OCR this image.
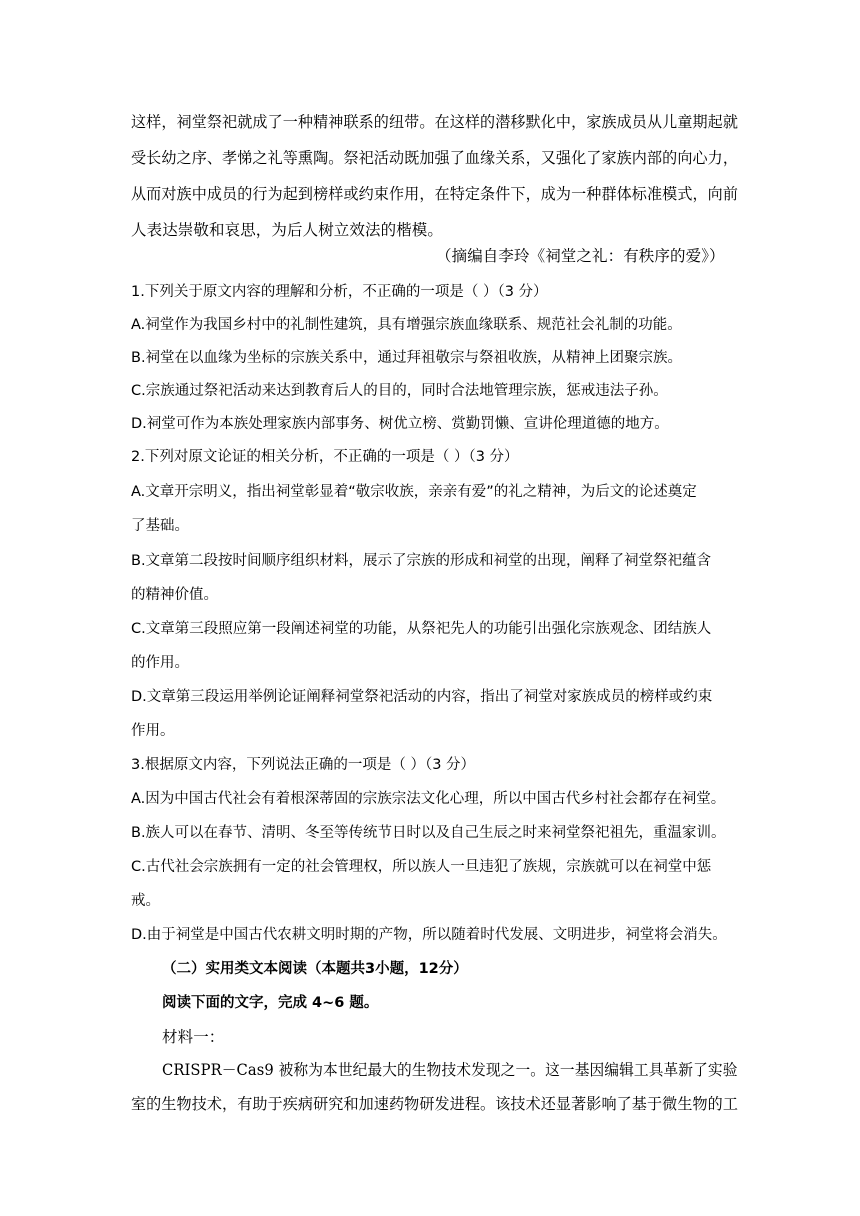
这样，祠堂祭祀就成了一种精神联系的纽带。在这样的潜移默化中，家族成员从儿童期起就
受长幼之序、孝悌之礼等熏陶。祭祀活动既加强了血缘关系，又强化了家族内部的向心力，
从而对族中成员的行为起到榜样或约束作用，在特定条件下，成为一种群体标准模式，向前
人表达崇敬和哀思，为后人树立效法的楷模。
（摘编自李玲《祠堂之礼：有秩序的爱》）
1.下列关于原文内容的理解和分析，不正确的一项是（ ）（3 分）
A.祠堂作为我国乡村中的礼制性建筑，具有增强宗族血缘联系、规范社会礼制的功能。
B.祠堂在以血缘为坐标的宗族关系中，通过拜祖敬宗与祭祖收族，从精神上团聚宗族。
C.宗族通过祭祀活动来达到教育后人的目的，同时合法地管理宗族，惩戒违法子孙。
D.祠堂可作为本族处理家族内部事务、树优立榜、赏勤罚懒、宣讲伦理道德的地方。
2.下列对原文论证的相关分析，不正确的一项是（ ）（3 分）
A.文章开宗明义，指出祠堂彰显着“敬宗收族，亲亲有爱”的礼之精神，为后文的论述奠定
了基础。
B.文章第二段按时间顺序组织材料，展示了宗族的形成和祠堂的出现，阐释了祠堂祭祀蕴含
的精神价值。
C.文章第三段照应第一段阐述祠堂的功能，从祭祀先人的功能引出强化宗族观念、团结族人
的作用。
D.文章第三段运用举例论证阐释祠堂祭祀活动的内容，指出了祠堂对家族成员的榜样或约束
作用。
3.根据原文内容，下列说法正确的一项是（ ）（3 分）
A.因为中国古代社会有着根深蒂固的宗族宗法文化心理，所以中国古代乡村社会都存在祠堂。
B.族人可以在春节、清明、冬至等传统节日时以及自己生辰之时来祠堂祭祀祖先，重温家训。
C.古代社会宗族拥有一定的社会管理权，所以族人一旦违犯了族规，宗族就可以在祠堂中惩
戒。
D.由于祠堂是中国古代农耕文明时期的产物，所以随着时代发展、文明进步，祠堂将会消失。
（二）实用类文本阅读（本题共3小题，12分）
阅读下面的文字，完成 4~6 题。
材料一：
CRISPR－Cas9 被称为本世纪最大的生物技术发现之一。这一基因编辑工具革新了实验
室的生物技术，有助于疾病研究和加速药物研发进程。该技术还显著影响了基于微生物的工
